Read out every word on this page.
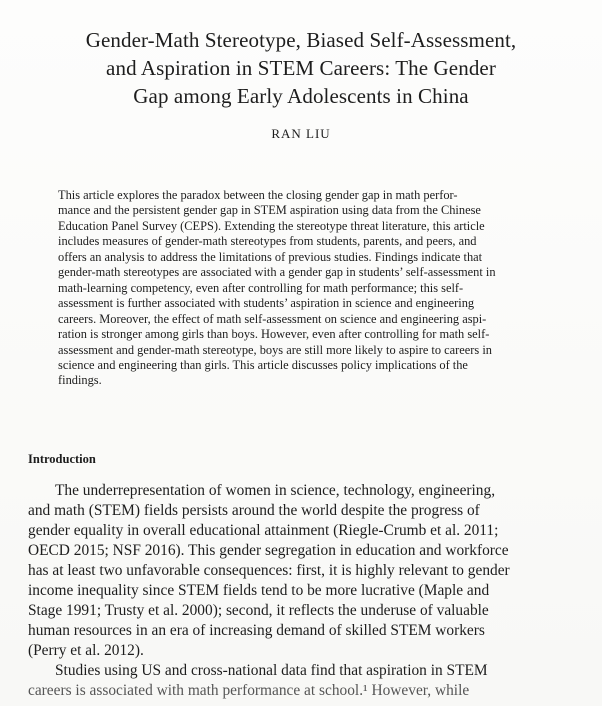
Gender-Math Stereotype, Biased Self-Assessment,
and Aspiration in STEM Careers: The Gender
Gap among Early Adolescents in China
RAN LIU
This article explores the paradox between the closing gender gap in math perfor-
mance and the persistent gender gap in STEM aspiration using data from the Chinese
Education Panel Survey (CEPS). Extending the stereotype threat literature, this article
includes measures of gender-math stereotypes from students, parents, and peers, and
offers an analysis to address the limitations of previous studies. Findings indicate that
gender-math stereotypes are associated with a gender gap in students’ self-assessment in
math-learning competency, even after controlling for math performance; this self-
assessment is further associated with students’ aspiration in science and engineering
careers. Moreover, the effect of math self-assessment on science and engineering aspi-
ration is stronger among girls than boys. However, even after controlling for math self-
assessment and gender-math stereotype, boys are still more likely to aspire to careers in
science and engineering than girls. This article discusses policy implications of the
findings.
Introduction
The underrepresentation of women in science, technology, engineering,
and math (STEM) fields persists around the world despite the progress of
gender equality in overall educational attainment (Riegle-Crumb et al. 2011;
OECD 2015; NSF 2016). This gender segregation in education and workforce
has at least two unfavorable consequences: first, it is highly relevant to gender
income inequality since STEM fields tend to be more lucrative (Maple and
Stage 1991; Trusty et al. 2000); second, it reflects the underuse of valuable
human resources in an era of increasing demand of skilled STEM workers
(Perry et al. 2012).
Studies using US and cross-national data find that aspiration in STEM
careers is associated with math performance at school.¹ However, while
